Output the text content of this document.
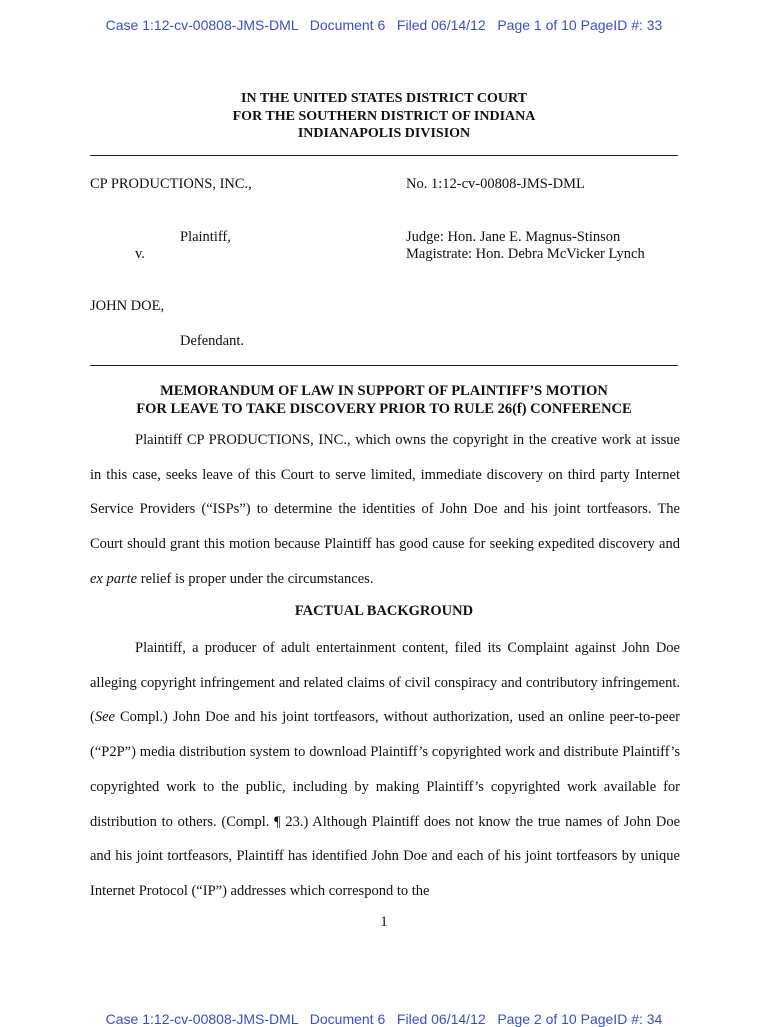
Case 1:12-cv-00808-JMS-DML   Document 6   Filed 06/14/12   Page 1 of 10 PageID #: 33
IN THE UNITED STATES DISTRICT COURT
FOR THE SOUTHERN DISTRICT OF INDIANA
INDIANAPOLIS DIVISION
CP PRODUCTIONS, INC.,	No. 1:12-cv-00808-JMS-DML
Plaintiff,	Judge: Hon. Jane E. Magnus-Stinson
v.	Magistrate: Hon. Debra McVicker Lynch
JOHN DOE,
Defendant.
MEMORANDUM OF LAW IN SUPPORT OF PLAINTIFF’S MOTION
FOR LEAVE TO TAKE DISCOVERY PRIOR TO RULE 26(f) CONFERENCE
Plaintiff CP PRODUCTIONS, INC., which owns the copyright in the creative work at issue in this case, seeks leave of this Court to serve limited, immediate discovery on third party Internet Service Providers (“ISPs”) to determine the identities of John Doe and his joint tortfeasors. The Court should grant this motion because Plaintiff has good cause for seeking expedited discovery and ex parte relief is proper under the circumstances.
FACTUAL BACKGROUND
Plaintiff, a producer of adult entertainment content, filed its Complaint against John Doe alleging copyright infringement and related claims of civil conspiracy and contributory infringement. (See Compl.) John Doe and his joint tortfeasors, without authorization, used an online peer-to-peer (“P2P”) media distribution system to download Plaintiff’s copyrighted work and distribute Plaintiff’s copyrighted work to the public, including by making Plaintiff’s copyrighted work available for distribution to others. (Compl. ¶ 23.) Although Plaintiff does not know the true names of John Doe and his joint tortfeasors, Plaintiff has identified John Doe and each of his joint tortfeasors by unique Internet Protocol (“IP”) addresses which correspond to the
1
Case 1:12-cv-00808-JMS-DML   Document 6   Filed 06/14/12   Page 2 of 10 PageID #: 34
